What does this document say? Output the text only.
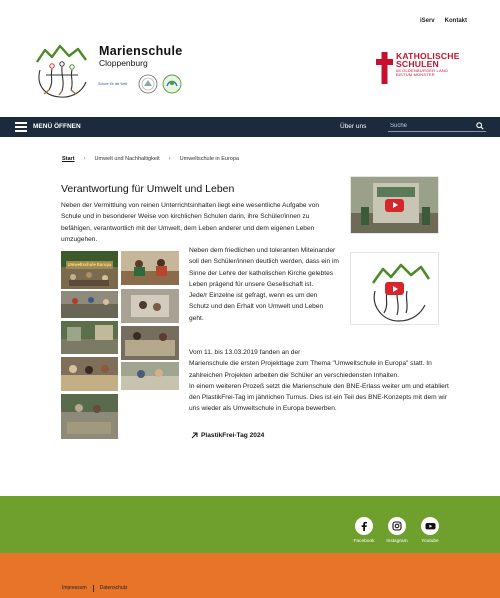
iServ Kontakt
Marienschule
Cloppenburg
Schule für die Welt
KATHOLISCHE
SCHULEN
IM OLDENBURGER LAND
BISTUM MÜNSTER
MENÜ ÖFFNEN	Über uns
Suche
Start › Umwelt und Nachhaltigkeit › Umweltschule in Europa
Verantwortung für Umwelt und Leben
Neben der Vermittlung von reinen Unterrichtsinhalten liegt eine wesentliche Aufgabe von Schule und in besonderer Weise von kirchlichen Schulen darin, ihre Schüler/innen zu befähigen, verantwortlich mit der Umwelt, dem Leben anderer und dem eigenen Leben umzugehen.
Umweltschule Europa

Neben dem friedlichen und toleranten Miteinander soll den Schüler/innen deutlich werden, dass ein im Sinne der Lehre der katholischen Kirche gelebtes Leben prägend für unsere Gesellschaft ist.

Jede/r Einzelne ist gefragt, wenn es um den Schutz und den Erhalt von Umwelt und Leben geht.

Vom 11. bis 13.03.2019 fanden an der

Marienschule die ersten Projekttage zum Thema "Umweltschule in Europa" statt. In zahlreichen Projekten arbeiten die Schüler an verschiedensten Inhalten.

In einem weiteren Prozeß setzt die Marienschule den BNE-Erlass weiter um und etabliert den PlastikFrei-Tag im jährlichen Turnus. Dies ist ein Teil des BNE-Konzepts mit dem wir uns wieder als Umweltschule in Europa bewerben.

PlastikFrei-Tag 2024
Facebook Instagram	Youtube
Impressum	Datenschutz
